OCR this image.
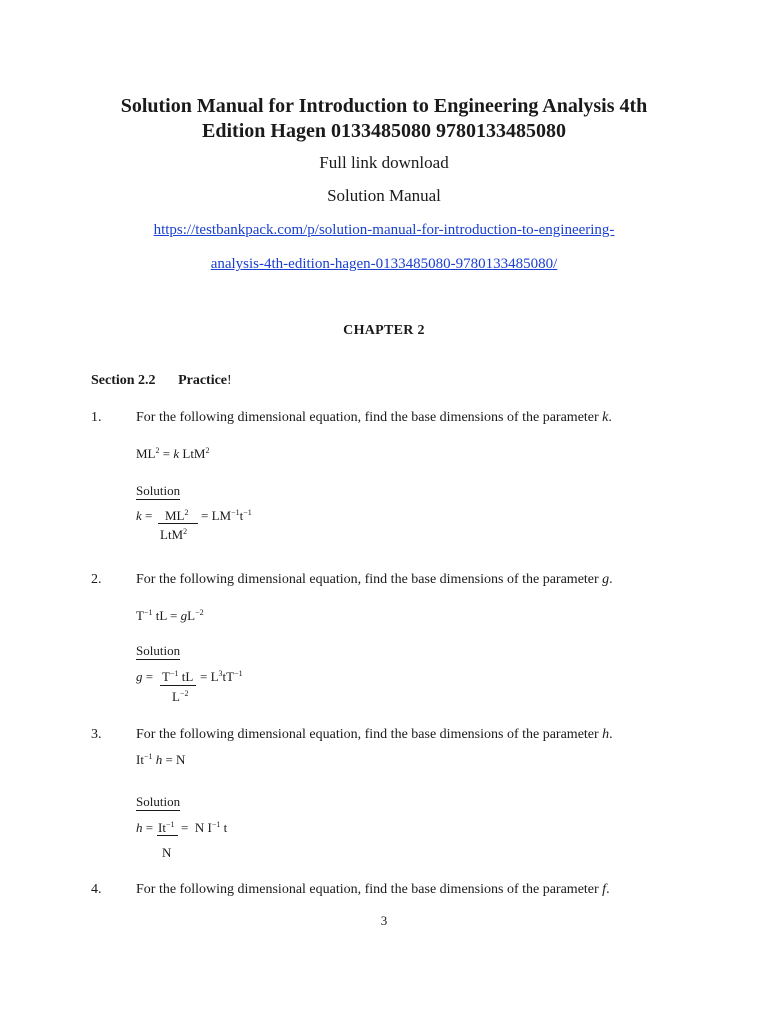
Solution Manual for Introduction to Engineering Analysis 4th
Edition Hagen 0133485080 9780133485080
Full link download
Solution Manual
https://testbankpack.com/p/solution-manual-for-introduction-to-engineering-
analysis-4th-edition-hagen-0133485080-9780133485080/
CHAPTER 2
Section 2.2 Practice!
1. For the following dimensional equation, find the base dimensions of the parameter k.
$ML^2 = k$ LtM$^2$
Solution
$k = ML^2 = LM^{-1}t^{-1}$
LtM$^2$
2. For the following dimensional equation, find the base dimensions of the parameter g.
$T^{-1}$ tL = $gL^{-2}$
Solution
$g = T^{-1}$ tL = $L^3tT^{-1}$
$L^{-2}$
3. For the following dimensional equation, find the base dimensions of the parameter h.
$It^{-1}$ h = N
Solution
$h = It^{-1} = N$ $I^{-1}$ t
N
4. For the following dimensional equation, find the base dimensions of the parameter f.
3
